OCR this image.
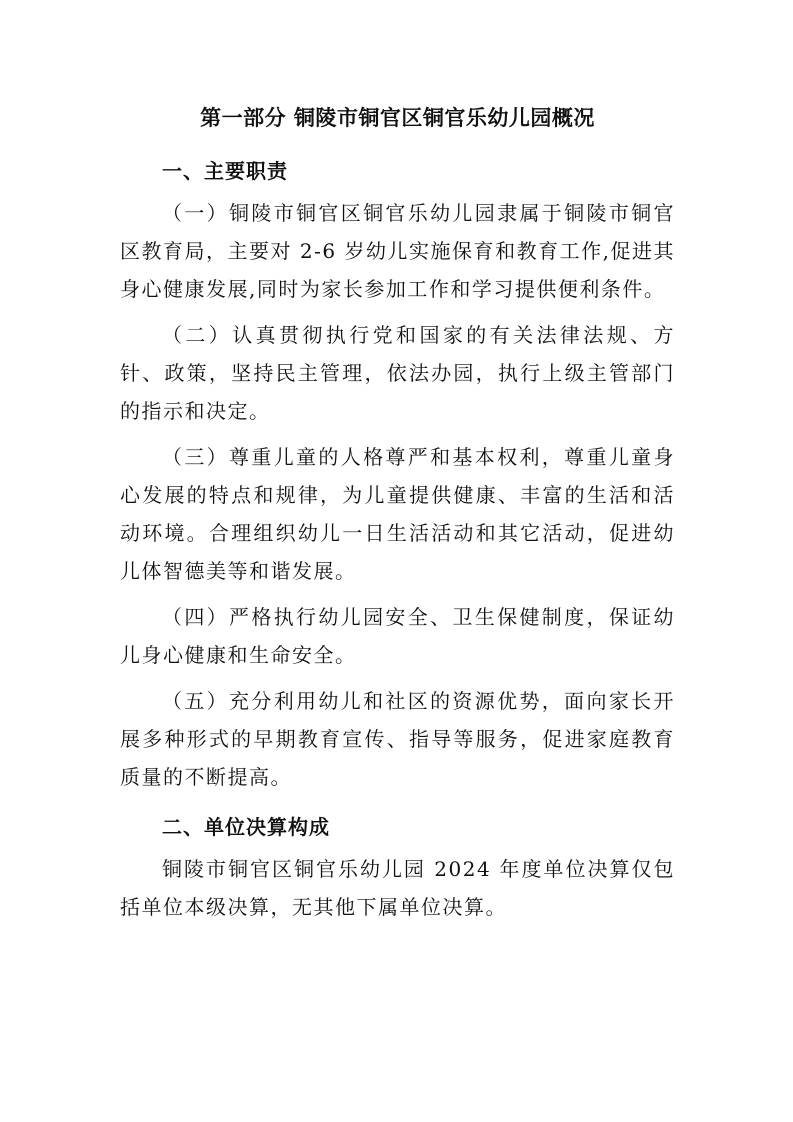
第一部分 铜陵市铜官区铜官乐幼儿园概况
一、主要职责

（一）铜陵市铜官区铜官乐幼儿园隶属于铜陵市铜官区教育局，主要对 2-6 岁幼儿实施保育和教育工作,促进其身心健康发展,同时为家长参加工作和学习提供便利条件。

（二）认真贯彻执行党和国家的有关法律法规、方针、政策，坚持民主管理，依法办园，执行上级主管部门的指示和决定。

（三）尊重儿童的人格尊严和基本权利，尊重儿童身心发展的特点和规律，为儿童提供健康、丰富的生活和活动环境。合理组织幼儿一日生活活动和其它活动，促进幼儿体智德美等和谐发展。

（四）严格执行幼儿园安全、卫生保健制度，保证幼儿身心健康和生命安全。

（五）充分利用幼儿和社区的资源优势，面向家长开展多种形式的早期教育宣传、指导等服务，促进家庭教育质量的不断提高。

二、单位决算构成

铜陵市铜官区铜官乐幼儿园 2024 年度单位决算仅包括单位本级决算，无其他下属单位决算。
